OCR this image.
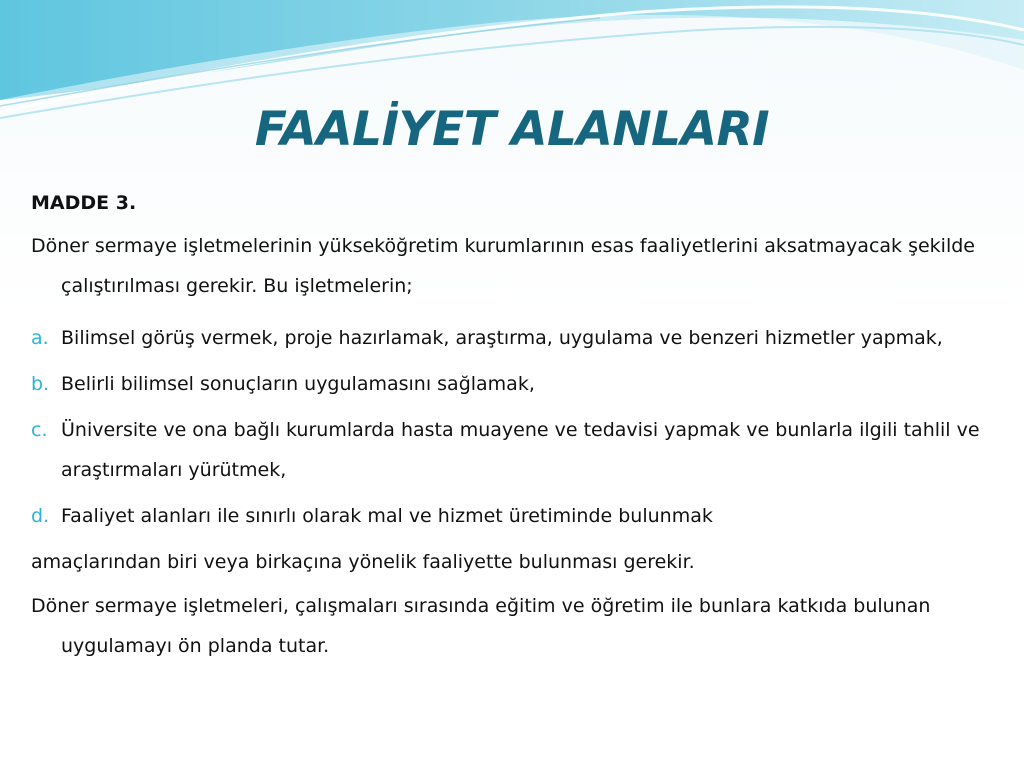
FAALİYET ALANLARI

MADDE 3.

Döner sermaye işletmelerinin yükseköğretim kurumlarının esas faaliyetlerini aksatmayacak şekilde çalıştırılması gerekir. Bu işletmelerin;

a. Bilimsel görüş vermek, proje hazırlamak, araştırma, uygulama ve benzeri hizmetler yapmak,
b. Belirli bilimsel sonuçların uygulamasını sağlamak,
c. Üniversite ve ona bağlı kurumlarda hasta muayene ve tedavisi yapmak ve bunlarla ilgili tahlil ve araştırmaları yürütmek,
d. Faaliyet alanları ile sınırlı olarak mal ve hizmet üretiminde bulunmak

amaçlarından biri veya birkaçına yönelik faaliyette bulunması gerekir.

Döner sermaye işletmeleri, çalışmaları sırasında eğitim ve öğretim ile bunlara katkıda bulunan uygulamayı ön planda tutar.
